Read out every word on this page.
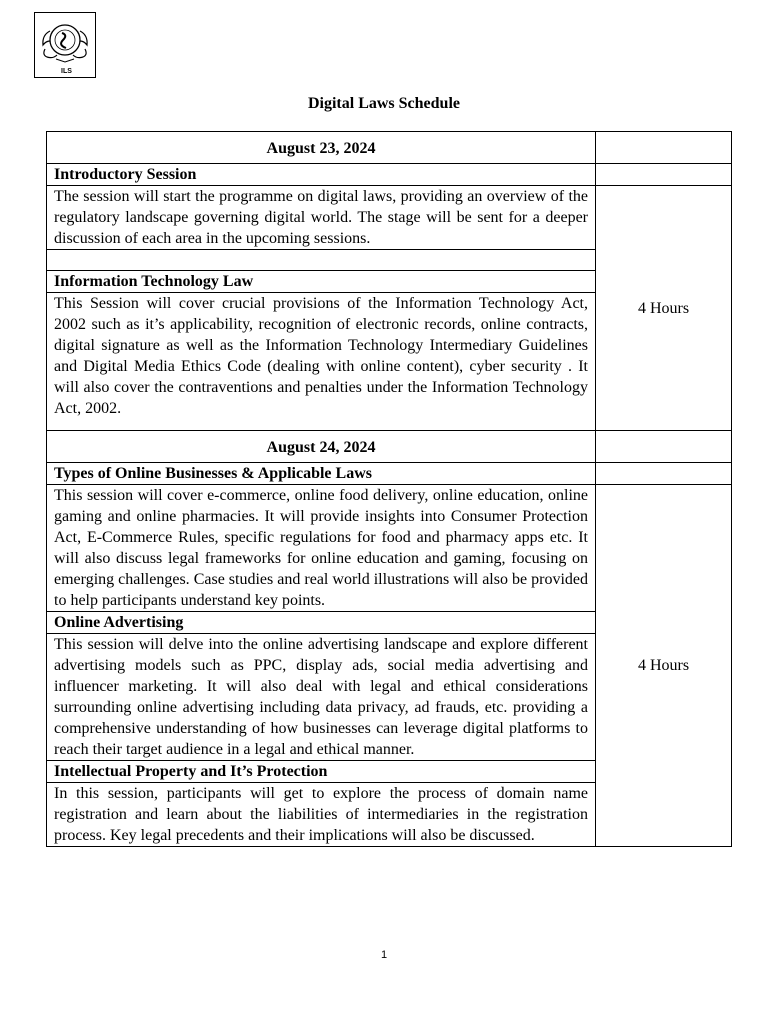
ILS
Digital Laws Schedule
August 23, 2024	
Introductory Session	
The session will start the programme on digital laws, providing an overview of the regulatory landscape governing digital world. The stage will be sent for a deeper discussion of each area in the upcoming sessions.	4 Hours

Information Technology Law	
This Session will cover crucial provisions of the Information Technology Act, 2002 such as it’s applicability, recognition of electronic records, online contracts, digital signature as well as the Information Technology Intermediary Guidelines and Digital Media Ethics Code (dealing with online content), cyber security . It will also cover the contraventions and penalties under the Information Technology Act, 2002.	
August 24, 2024	
Types of Online Businesses & Applicable Laws	
This session will cover e-commerce, online food delivery, online education, online gaming and online pharmacies. It will provide insights into Consumer Protection Act, E-Commerce Rules, specific regulations for food and pharmacy apps etc. It will also discuss legal frameworks for online education and gaming, focusing on emerging challenges. Case studies and real world illustrations will also be provided to help participants understand key points.	4 Hours
Online Advertising	
This session will delve into the online advertising landscape and explore different advertising models such as PPC, display ads, social media advertising and influencer marketing. It will also deal with legal and ethical considerations surrounding online advertising including data privacy, ad frauds, etc. providing a comprehensive understanding of how businesses can leverage digital platforms to reach their target audience in a legal and ethical manner.	
Intellectual Property and It’s Protection	
In this session, participants will get to explore the process of domain name registration and learn about the liabilities of intermediaries in the registration process. Key legal precedents and their implications will also be discussed.	
1
